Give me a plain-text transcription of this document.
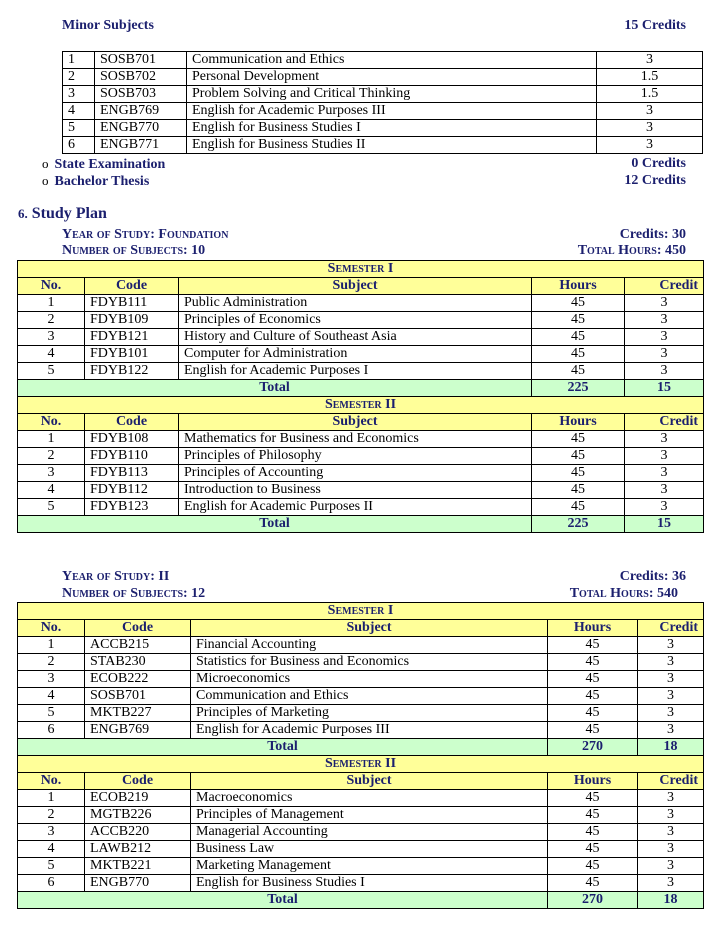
Minor Subjects	15 Credits
1	SOSB701	Communication and Ethics	3
2	SOSB702	Personal Development	1.5
3	SOSB703	Problem Solving and Critical Thinking	1.5
4	ENGB769	English for Academic Purposes III	3
5	ENGB770	English for Business Studies I	3
6	ENGB771	English for Business Studies II	3
o State Examination	0 Credits
o Bachelor Thesis	12 Credits
6. Study Plan
Year of Study: Foundation	Credits: 30
Number of Subjects: 10	Total Hours: 450
Semester I				
No.	Code	Subject	Hours	Credit
1	FDYB111	Public Administration	45	3
2	FDYB109	Principles of Economics	45	3
3	FDYB121	History and Culture of Southeast Asia	45	3
4	FDYB101	Computer for Administration	45	3
5	FDYB122	English for Academic Purposes I	45	3
Total			225	15
Semester II				
No.	Code	Subject	Hours	Credit
1	FDYB108	Mathematics for Business and Economics	45	3
2	FDYB110	Principles of Philosophy	45	3
3	FDYB113	Principles of Accounting	45	3
4	FDYB112	Introduction to Business	45	3
5	FDYB123	English for Academic Purposes II	45	3
Total			225	15
Year of Study: II	Credits: 36
Number of Subjects: 12	Total Hours: 540
Semester I				
No.	Code	Subject	Hours	Credit
1	ACCB215	Financial Accounting	45	3
2	STAB230	Statistics for Business and Economics	45	3
3	ECOB222	Microeconomics	45	3
4	SOSB701	Communication and Ethics	45	3
5	MKTB227	Principles of Marketing	45	3
6	ENGB769	English for Academic Purposes III	45	3
Total			270	18
Semester II				
No.	Code	Subject	Hours	Credit
1	ECOB219	Macroeconomics	45	3
2	MGTB226	Principles of Management	45	3
3	ACCB220	Managerial Accounting	45	3
4	LAWB212	Business Law	45	3
5	MKTB221	Marketing Management	45	3
6	ENGB770	English for Business Studies I	45	3
Total			270	18
